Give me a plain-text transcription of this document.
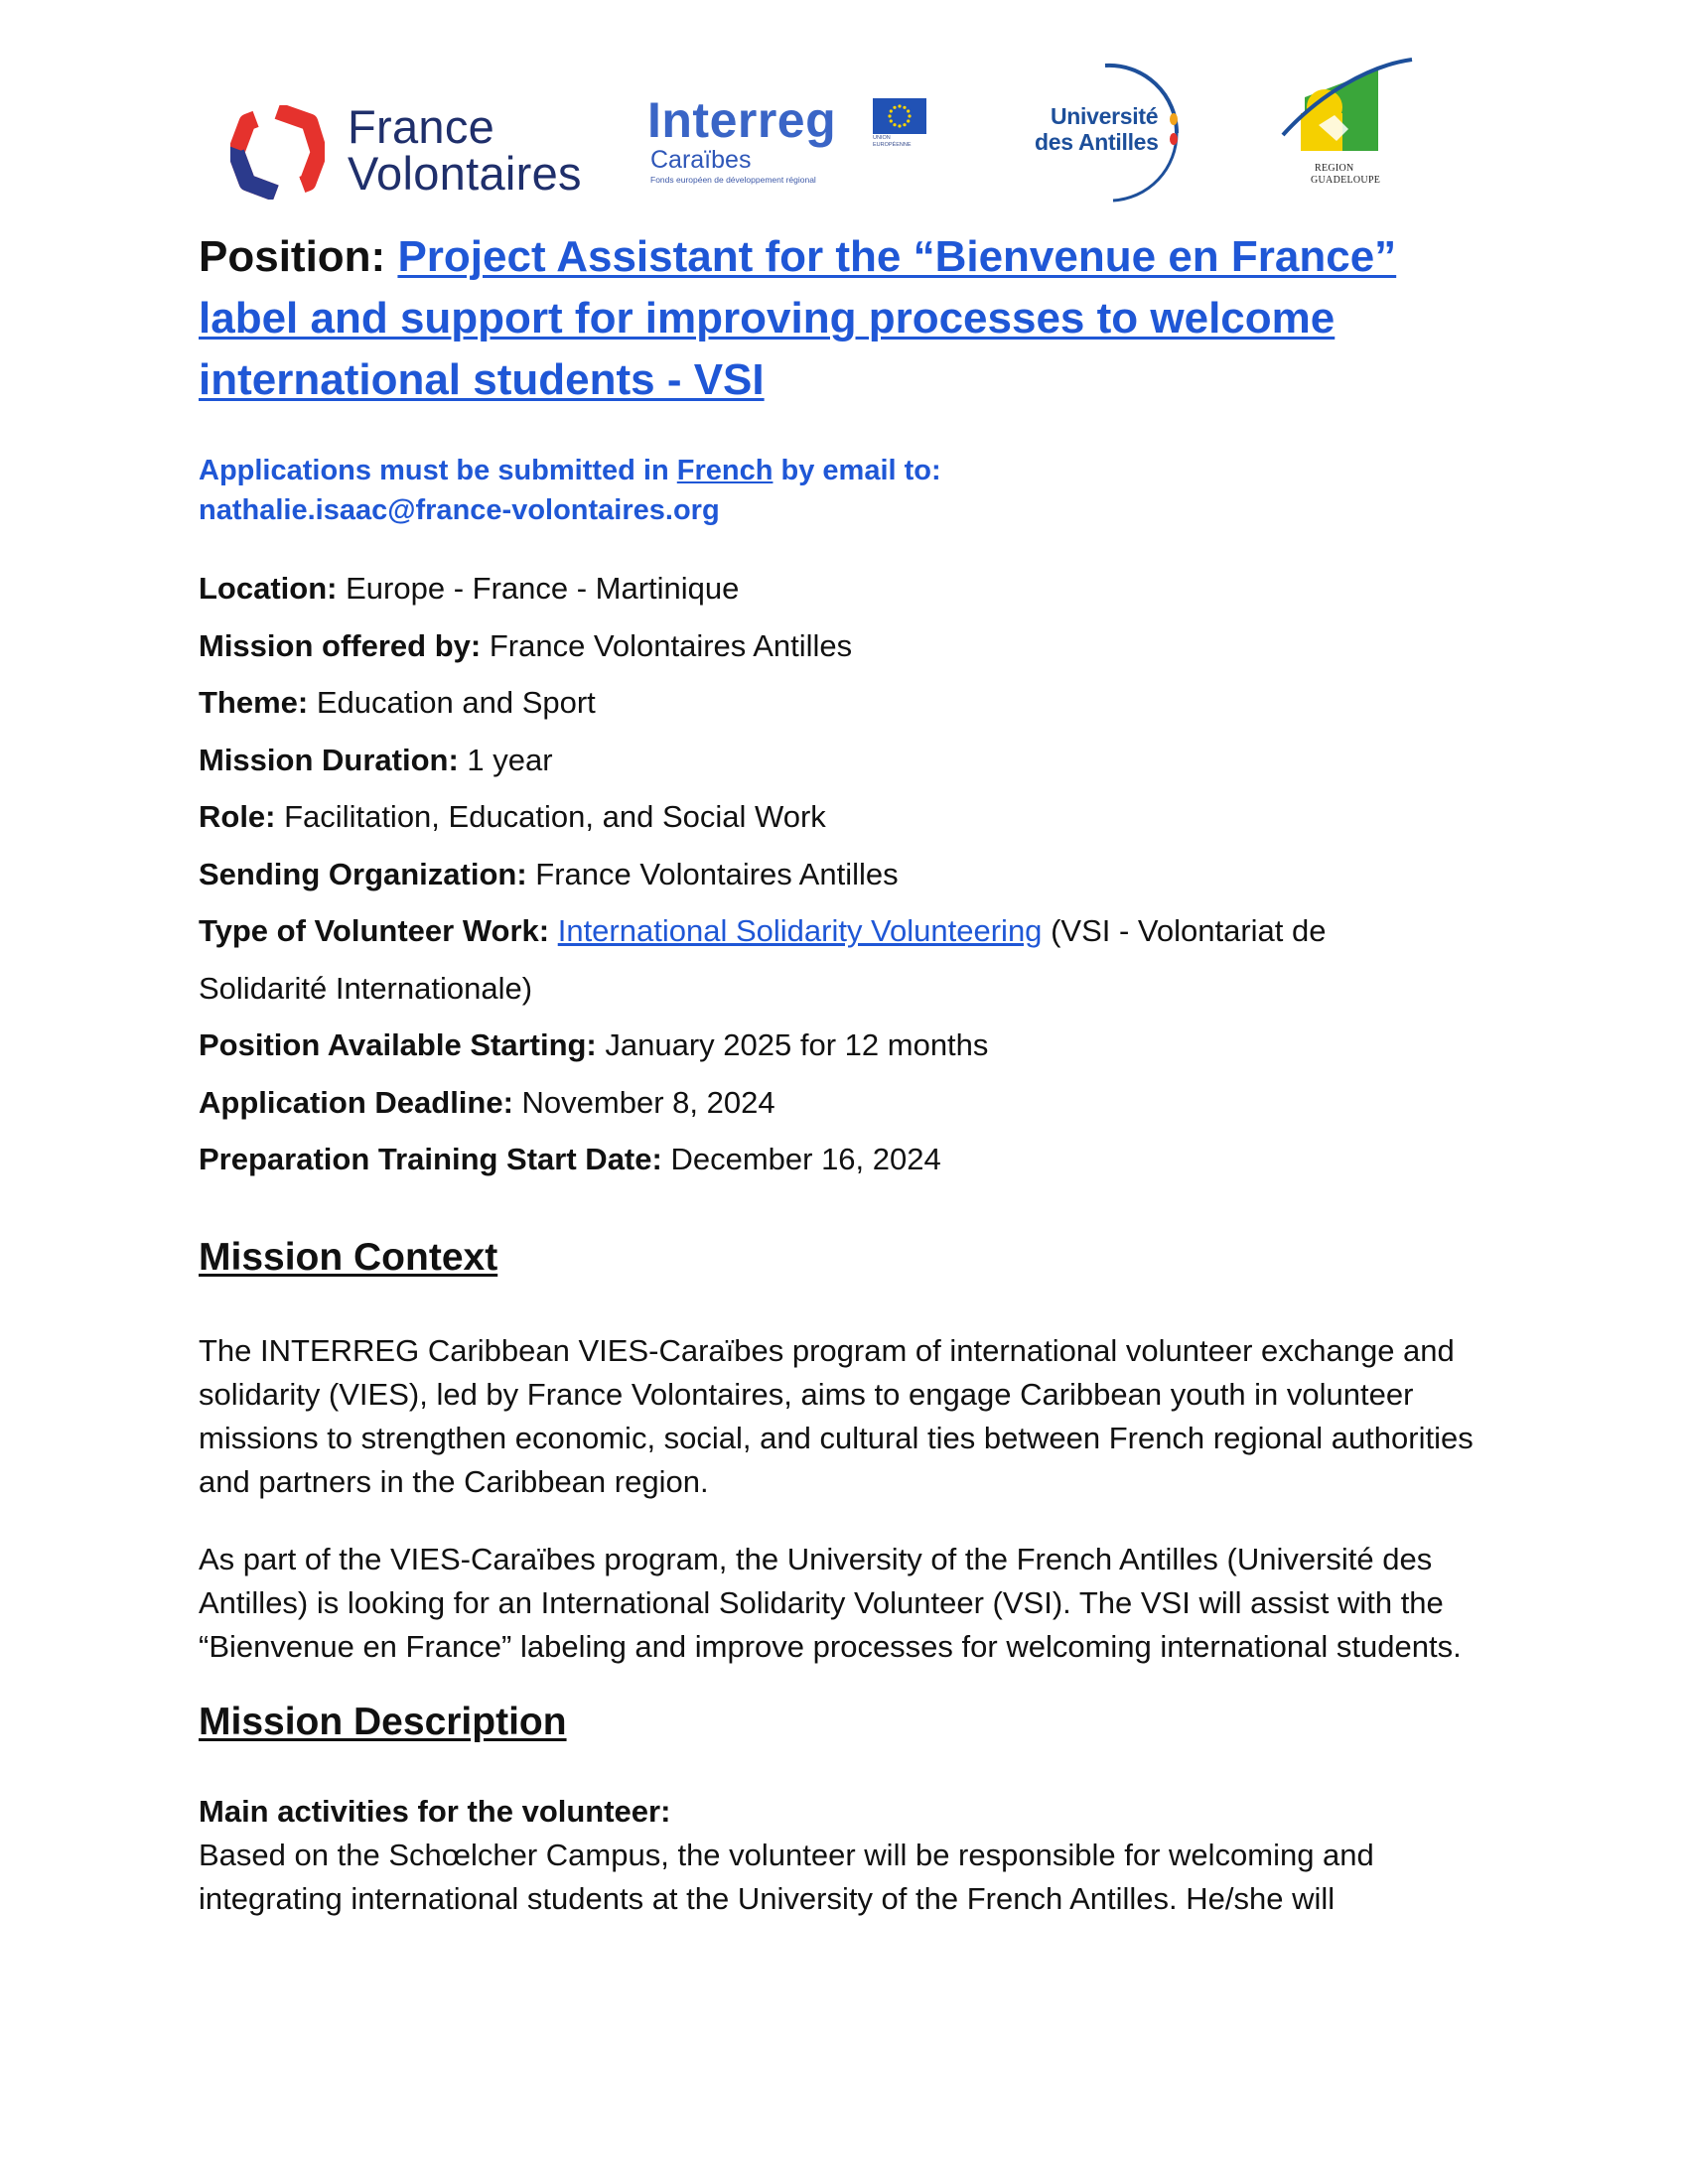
France
Volontaires
Interreg
Caraïbes
Fonds européen de développement régional
UNION EUROPÉENNE
Université
des Antilles
REGION
GUADELOUPE
Position: Project Assistant for the “Bienvenue en France” label and support for improving processes to welcome international students - VSI
Applications must be submitted in French by email to:
nathalie.isaac@france-volontaires.org
Location: Europe - France - Martinique
Mission offered by: France Volontaires Antilles
Theme: Education and Sport
Mission Duration: 1 year
Role: Facilitation, Education, and Social Work
Sending Organization: France Volontaires Antilles
Type of Volunteer Work: International Solidarity Volunteering (VSI - Volontariat de
Solidarité Internationale)
Position Available Starting: January 2025 for 12 months
Application Deadline: November 8, 2024
Preparation Training Start Date: December 16, 2024
Mission Context

The INTERREG Caribbean VIES-Caraïbes program of international volunteer exchange and solidarity (VIES), led by France Volontaires, aims to engage Caribbean youth in volunteer missions to strengthen economic, social, and cultural ties between French regional authorities and partners in the Caribbean region.

As part of the VIES-Caraïbes program, the University of the French Antilles (Université des Antilles) is looking for an International Solidarity Volunteer (VSI). The VSI will assist with the “Bienvenue en France” labeling and improve processes for welcoming international students.

Mission Description
Main activities for the volunteer:

Based on the Schœlcher Campus, the volunteer will be responsible for welcoming and integrating international students at the University of the French Antilles. He/she will
